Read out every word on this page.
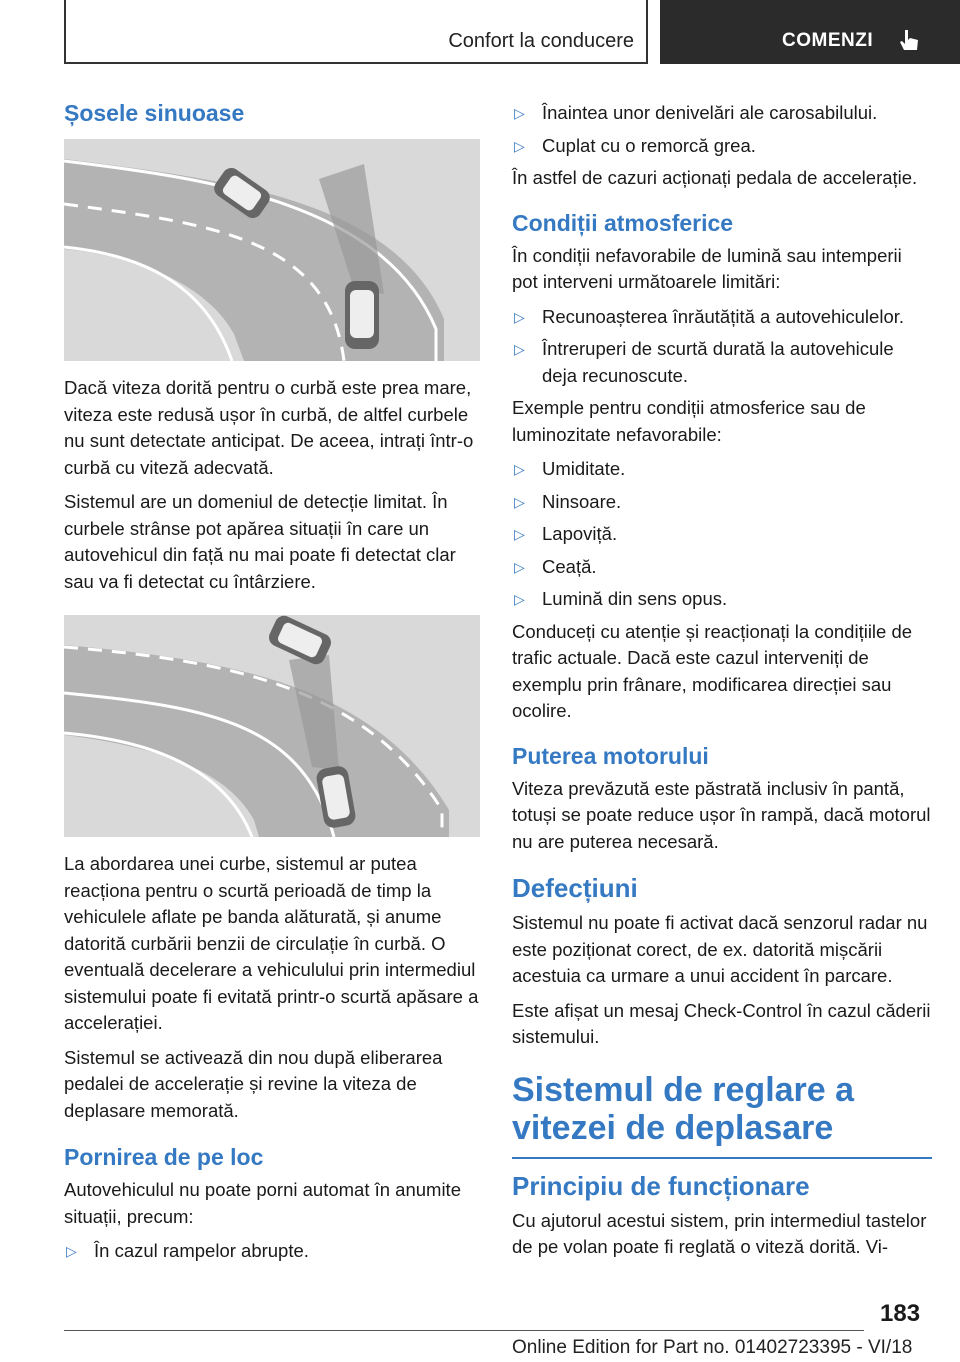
Confort la conducere	COMENZI
Șosele sinuoase

Dacă viteza dorită pentru o curbă este prea mare, viteza este redusă ușor în curbă, de altfel curbele nu sunt detectate anticipat. De aceea, intrați într-o curbă cu viteză adecvată.

Sistemul are un domeniul de detecție limitat. În curbele strânse pot apărea situații în care un autovehicul din față nu mai poate fi detectat clar sau va fi detectat cu întârziere.

La abordarea unei curbe, sistemul ar putea reacționa pentru o scurtă perioadă de timp la vehiculele aflate pe banda alăturată, și anume datorită curbării benzii de circulație în curbă. O eventuală decelerare a vehiculului prin intermediul sistemului poate fi evitată printr-o scurtă apăsare a accelerației.

Sistemul se activează din nou după eliberarea pedalei de accelerație și revine la viteza de deplasare memorată.

Pornirea de pe loc

Autovehiculul nu poate porni automat în anumite situații, precum:

▷ În cazul rampelor abrupte.
▷ Înaintea unor denivelări ale carosabilului.
▷ Cuplat cu o remorcă grea.

În astfel de cazuri acționați pedala de accelerație.

Condiții atmosferice

În condiții nefavorabile de lumină sau intemperii pot interveni următoarele limitări:

▷ Recunoașterea înrăutățită a autovehiculelor.
▷ Întreruperi de scurtă durată la autovehicule deja recunoscute.

Exemple pentru condiții atmosferice sau de luminozitate nefavorabile:

▷ Umiditate.
▷ Ninsoare.
▷ Lapoviță.
▷ Ceață.
▷ Lumină din sens opus.

Conduceți cu atenție și reacționați la condițiile de trafic actuale. Dacă este cazul interveniți de exemplu prin frânare, modificarea direcției sau ocolire.

Puterea motorului

Viteza prevăzută este păstrată inclusiv în pantă, totuși se poate reduce ușor în rampă, dacă motorul nu are puterea necesară.

Defecțiuni

Sistemul nu poate fi activat dacă senzorul radar nu este poziționat corect, de ex. datorită mișcării acestuia ca urmare a unui accident în parcare.

Este afișat un mesaj Check-Control în cazul căderii sistemului.

Sistemul de reglare a vitezei de deplasare
Principiu de funcționare

Cu ajutorul acestui sistem, prin intermediul tastelor de pe volan poate fi reglată o viteză dorită. Vi-

183
Online Edition for Part no. 01402723395 - VI/18
